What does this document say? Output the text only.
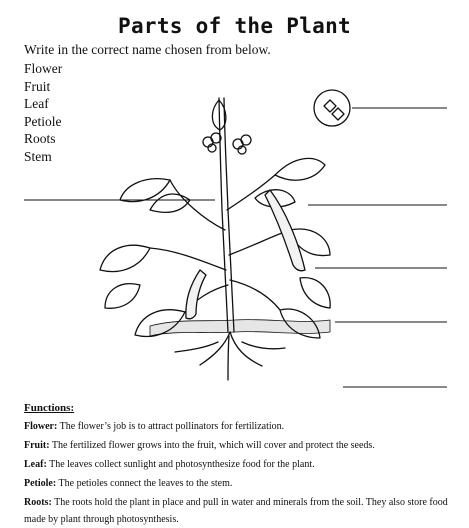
Parts of the Plant
Write in the correct name chosen from below.
Flower
Fruit
Leaf
Petiole
Roots
Stem
Functions:

Flower: The flower’s job is to attract pollinators for fertilization.

Fruit: The fertilized flower grows into the fruit, which will cover and protect the seeds.

Leaf: The leaves collect sunlight and photosynthesize food for the plant.

Petiole: The petioles connect the leaves to the stem.

Roots: The roots hold the plant in place and pull in water and minerals from the soil. They also store food made by plant through photosynthesis.
